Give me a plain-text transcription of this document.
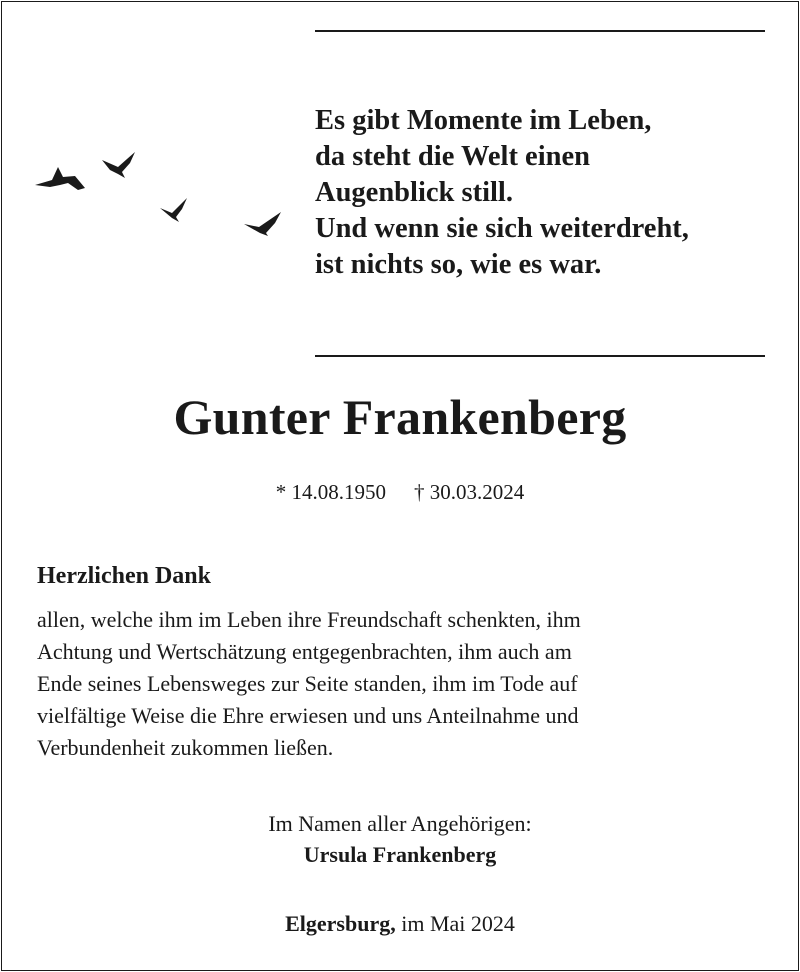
Es gibt Momente im Leben,
da steht die Welt einen
Augenblick still.
Und wenn sie sich weiterdreht,
ist nichts so, wie es war.
Gunter Frankenberg
* 14.08.1950 † 30.03.2024
Herzlichen Dank
allen, welche ihm im Leben ihre Freundschaft schenkten, ihm
Achtung und Wertschätzung entgegenbrachten, ihm auch am
Ende seines Lebensweges zur Seite standen, ihm im Tode auf
vielfältige Weise die Ehre erwiesen und uns Anteilnahme und
Verbundenheit zukommen ließen.
Im Namen aller Angehörigen:
Ursula Frankenberg
Elgersburg, im Mai 2024
